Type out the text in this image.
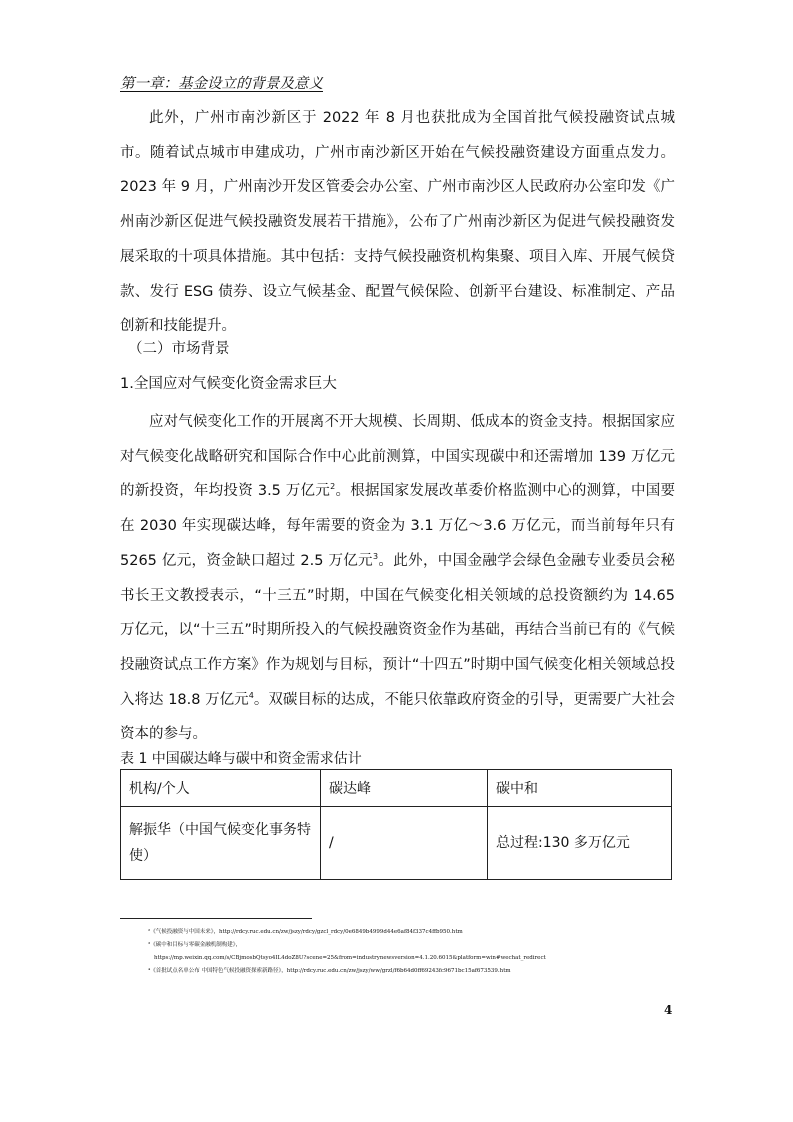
第一章：基金设立的背景及意义
此外，广州市南沙新区于 2022 年 8 月也获批成为全国首批气候投融资试点城市。随着试点城市申建成功，广州市南沙新区开始在气候投融资建设方面重点发力。2023 年 9 月，广州南沙开发区管委会办公室、广州市南沙区人民政府办公室印发《广州南沙新区促进气候投融资发展若干措施》，公布了广州南沙新区为促进气候投融资发展采取的十项具体措施。其中包括：支持气候投融资机构集聚、项目入库、开展气候贷款、发行 ESG 债券、设立气候基金、配置气候保险、创新平台建设、标准制定、产品创新和技能提升。
（二）市场背景
1.全国应对气候变化资金需求巨大
应对气候变化工作的开展离不开大规模、长周期、低成本的资金支持。根据国家应对气候变化战略研究和国际合作中心此前测算，中国实现碳中和还需增加 139 万亿元的新投资，年均投资 3.5 万亿元$^2$。根据国家发展改革委价格监测中心的测算，中国要在 2030 年实现碳达峰，每年需要的资金为 3.1 万亿～3.6 万亿元，而当前每年只有 5265 亿元，资金缺口超过 2.5 万亿元$^3$。此外，中国金融学会绿色金融专业委员会秘书长王文教授表示，“十三五”时期，中国在气候变化相关领域的总投资额约为 14.65 万亿元，以“十三五”时期所投入的气候投融资资金作为基础，再结合当前已有的《气候投融资试点工作方案》作为规划与目标，预计“十四五”时期中国气候变化相关领域总投入将达 18.8 万亿元$^4$。双碳目标的达成，不能只依靠政府资金的引导，更需要广大社会资本的参与。
表 1 中国碳达峰与碳中和资金需求估计
机构/个人	碳达峰	碳中和
解振华（中国气候变化事务特使）	/	总过程:130 多万亿元
²《气候投融资与中国未来》，http://rdcy.ruc.edu.cn/zw/jszy/rdcy/gzcl_rdcy/0e6849b4999d44e6af84f337c4ffb950.htm
³《碳中和目标与零碳金融机制构建》，
https://mp.weixin.qq.com/s/CBjmosbQtsyo4IL4doZ8U?scene=25&from=industrynewsversion=4.1.20.6015&platform=win#wechat_redirect
⁴《首批试点名单公布 中国特色气候投融资探索新路径》，http://rdcy.ruc.edu.cn/zw/jszy/ww/grzl/f6b64d0ff69243fc9671bc15af673539.htm
4
